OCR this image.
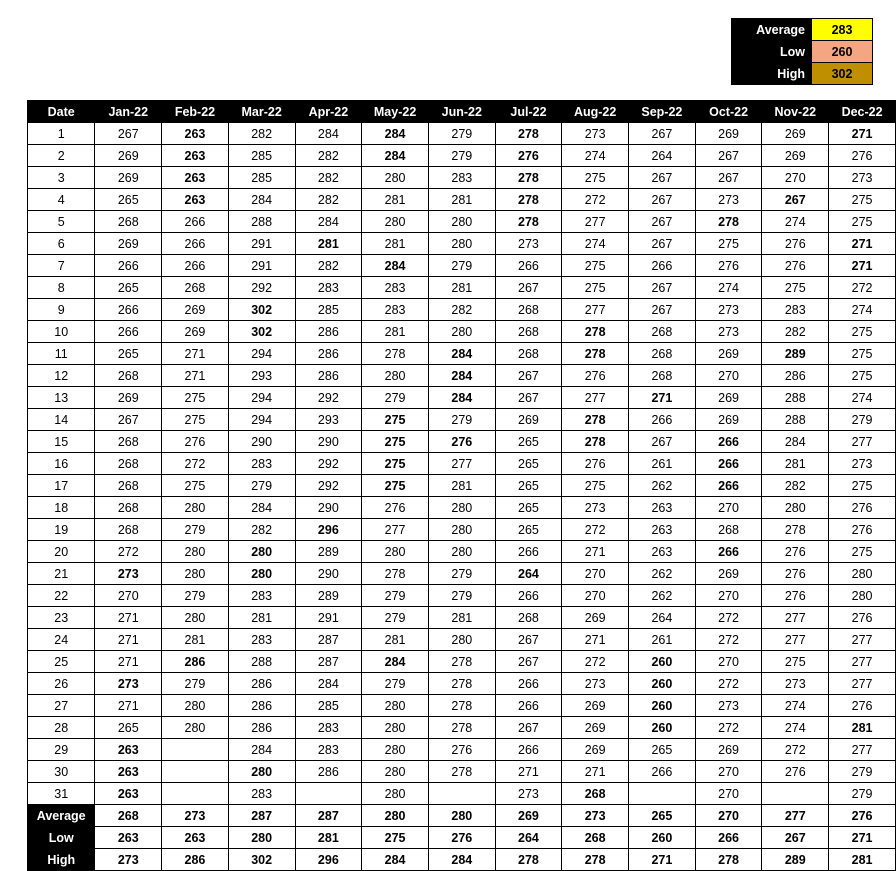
Average	283
Low	260
High	302
Date	Jan-22	Feb-22	Mar-22	Apr-22	May-22	Jun-22	Jul-22	Aug-22	Sep-22	Oct-22	Nov-22	Dec-22
1	267	263	282	284	284	279	278	273	267	269	269	271
2	269	263	285	282	284	279	276	274	264	267	269	276
3	269	263	285	282	280	283	278	275	267	267	270	273
4	265	263	284	282	281	281	278	272	267	273	267	275
5	268	266	288	284	280	280	278	277	267	278	274	275
6	269	266	291	281	281	280	273	274	267	275	276	271
7	266	266	291	282	284	279	266	275	266	276	276	271
8	265	268	292	283	283	281	267	275	267	274	275	272
9	266	269	302	285	283	282	268	277	267	273	283	274
10	266	269	302	286	281	280	268	278	268	273	282	275
11	265	271	294	286	278	284	268	278	268	269	289	275
12	268	271	293	286	280	284	267	276	268	270	286	275
13	269	275	294	292	279	284	267	277	271	269	288	274
14	267	275	294	293	275	279	269	278	266	269	288	279
15	268	276	290	290	275	276	265	278	267	266	284	277
16	268	272	283	292	275	277	265	276	261	266	281	273
17	268	275	279	292	275	281	265	275	262	266	282	275
18	268	280	284	290	276	280	265	273	263	270	280	276
19	268	279	282	296	277	280	265	272	263	268	278	276
20	272	280	280	289	280	280	266	271	263	266	276	275
21	273	280	280	290	278	279	264	270	262	269	276	280
22	270	279	283	289	279	279	266	270	262	270	276	280
23	271	280	281	291	279	281	268	269	264	272	277	276
24	271	281	283	287	281	280	267	271	261	272	277	277
25	271	286	288	287	284	278	267	272	260	270	275	277
26	273	279	286	284	279	278	266	273	260	272	273	277
27	271	280	286	285	280	278	266	269	260	273	274	276
28	265	280	286	283	280	278	267	269	260	272	274	281
29	263		284	283	280	276	266	269	265	269	272	277
30	263		280	286	280	278	271	271	266	270	276	279
31	263		283		280		273	268		270		279
Average	268	273	287	287	280	280	269	273	265	270	277	276
Low	263	263	280	281	275	276	264	268	260	266	267	271
High	273	286	302	296	284	284	278	278	271	278	289	281
